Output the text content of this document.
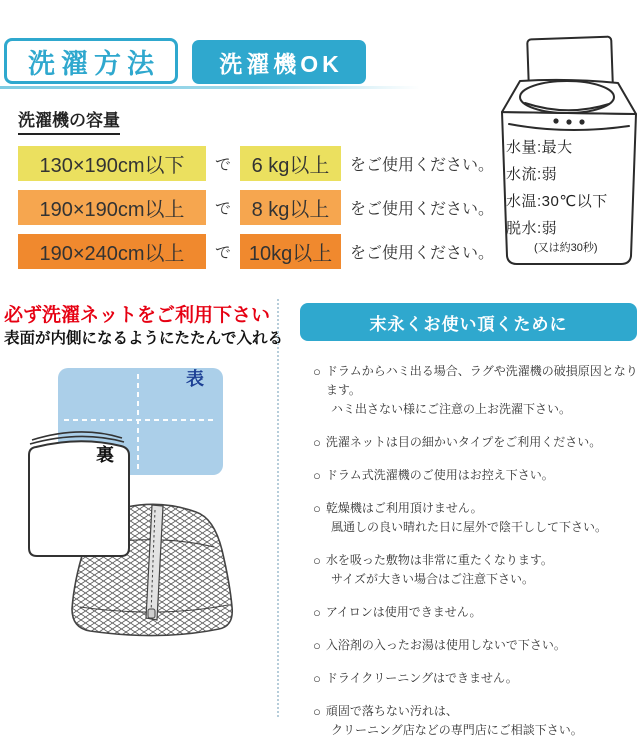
洗濯方法	洗濯機OK
洗濯機の容量
130×190cm以下	で	6 kg以上	をご使用ください。
190×190cm以上	で	8 kg以上	をご使用ください。
190×240cm以上	で 10kg以上	をご使用ください。
水量:最大
水流:弱
水温:30℃以下
脱水:弱
(又は約30秒)
必ず洗濯ネットをご利用下さい
表面が内側になるようにたたんで入れる
表
裏
末永くお使い頂くために
○ ドラムからハミ出る場合、ラグや洗濯機の破損原因となります。
ハミ出さない様にご注意の上お洗濯下さい。
○ 洗濯ネットは目の細かいタイプをご利用ください。
○ ドラム式洗濯機のご使用はお控え下さい。
○ 乾燥機はご利用頂けません。
風通しの良い晴れた日に屋外で陰干しして下さい。
○ 水を吸った敷物は非常に重たくなります。
サイズが大きい場合はご注意下さい。
○ アイロンは使用できません。
○ 入浴剤の入ったお湯は使用しないで下さい。
○ ドライクリーニングはできません。
○ 頑固で落ちない汚れは、
クリーニング店などの専門店にご相談下さい。
